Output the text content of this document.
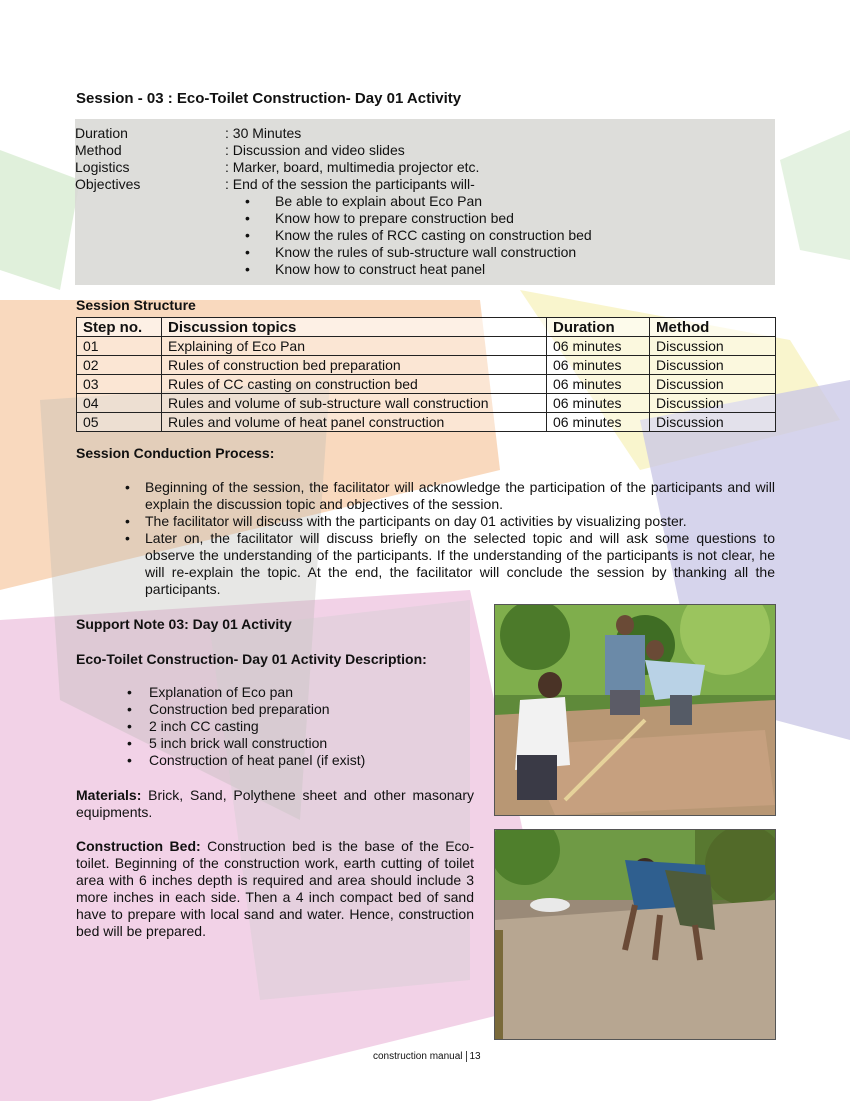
Session - 03 : Eco-Toilet Construction- Day 01 Activity
Duration	: 30 Minutes
Method	: Discussion and video slides
Logistics	: Marker, board, multimedia projector etc.
Objectives	: End of the session the participants will-
• Be able to explain about Eco Pan
• Know how to prepare construction bed
• Know the rules of RCC casting on construction bed
• Know the rules of sub-structure wall construction
• Know how to construct heat panel
Session Structure
Step no.	Discussion topics	Duration	Method
01	Explaining of Eco Pan	06 minutes	Discussion
02	Rules of construction bed preparation	06 minutes	Discussion
03	Rules of CC casting on construction bed	06 minutes	Discussion
04	Rules and volume of sub-structure wall construction	06 minutes	Discussion
05	Rules and volume of heat panel construction	06 minutes	Discussion
Session Conduction Process:
• Beginning of the session, the facilitator will acknowledge the participation of the participants and will explain the discussion topic and objectives of the session.
• The facilitator will discuss with the participants on day 01 activities by visualizing poster.
• Later on, the facilitator will discuss briefly on the selected topic and will ask some questions to observe the understanding of the participants. If the understanding of the participants is not clear, he will re-explain the topic. At the end, the facilitator will conclude the session by thanking all the participants.
Support Note 03: Day 01 Activity
Eco-Toilet Construction- Day 01 Activity Description:
• Explanation of Eco pan
• Construction bed preparation
• 2 inch CC casting
• 5 inch brick wall construction
• Construction of heat panel (if exist)
Materials: Brick, Sand, Polythene sheet and other masonary equipments.
Construction Bed: Construction bed is the base of the Eco-toilet. Beginning of the construction work, earth cutting of toilet area with 6 inches depth is required and area should include 3 more inches in each side. Then a 4 inch compact bed of sand have to prepare with local sand and water. Hence, construction bed will be prepared.
construction manual 13
